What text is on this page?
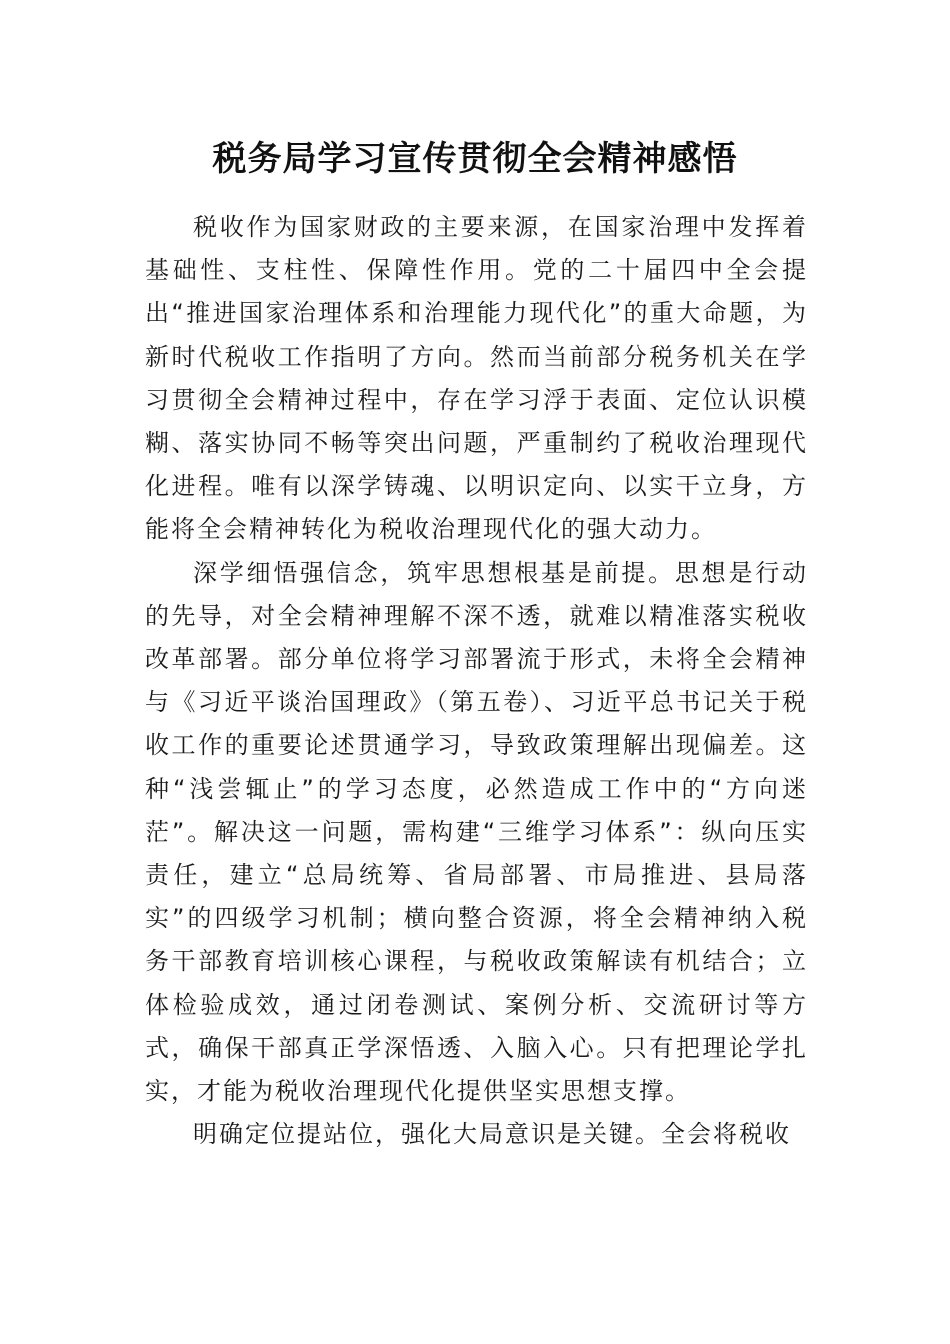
税务局学习宣传贯彻全会精神感悟

税收作为国家财政的主要来源，在国家治理中发挥着基础性、支柱性、保障性作用。党的二十届四中全会提出“推进国家治理体系和治理能力现代化”的重大命题，为新时代税收工作指明了方向。然而当前部分税务机关在学习贯彻全会精神过程中，存在学习浮于表面、定位认识模糊、落实协同不畅等突出问题，严重制约了税收治理现代化进程。唯有以深学铸魂、以明识定向、以实干立身，方能将全会精神转化为税收治理现代化的强大动力。

深学细悟强信念，筑牢思想根基是前提。思想是行动的先导，对全会精神理解不深不透，就难以精准落实税收改革部署。部分单位将学习部署流于形式，未将全会精神与《习近平谈治国理政》（第五卷）、习近平总书记关于税收工作的重要论述贯通学习，导致政策理解出现偏差。这种“浅尝辄止”的学习态度，必然造成工作中的“方向迷茫”。解决这一问题，需构建“三维学习体系”：纵向压实责任，建立“总局统筹、省局部署、市局推进、县局落实”的四级学习机制；横向整合资源，将全会精神纳入税务干部教育培训核心课程，与税收政策解读有机结合；立体检验成效，通过闭卷测试、案例分析、交流研讨等方式，确保干部真正学深悟透、入脑入心。只有把理论学扎实，才能为税收治理现代化提供坚实思想支撑。

明确定位提站位，强化大局意识是关键。全会将税收
